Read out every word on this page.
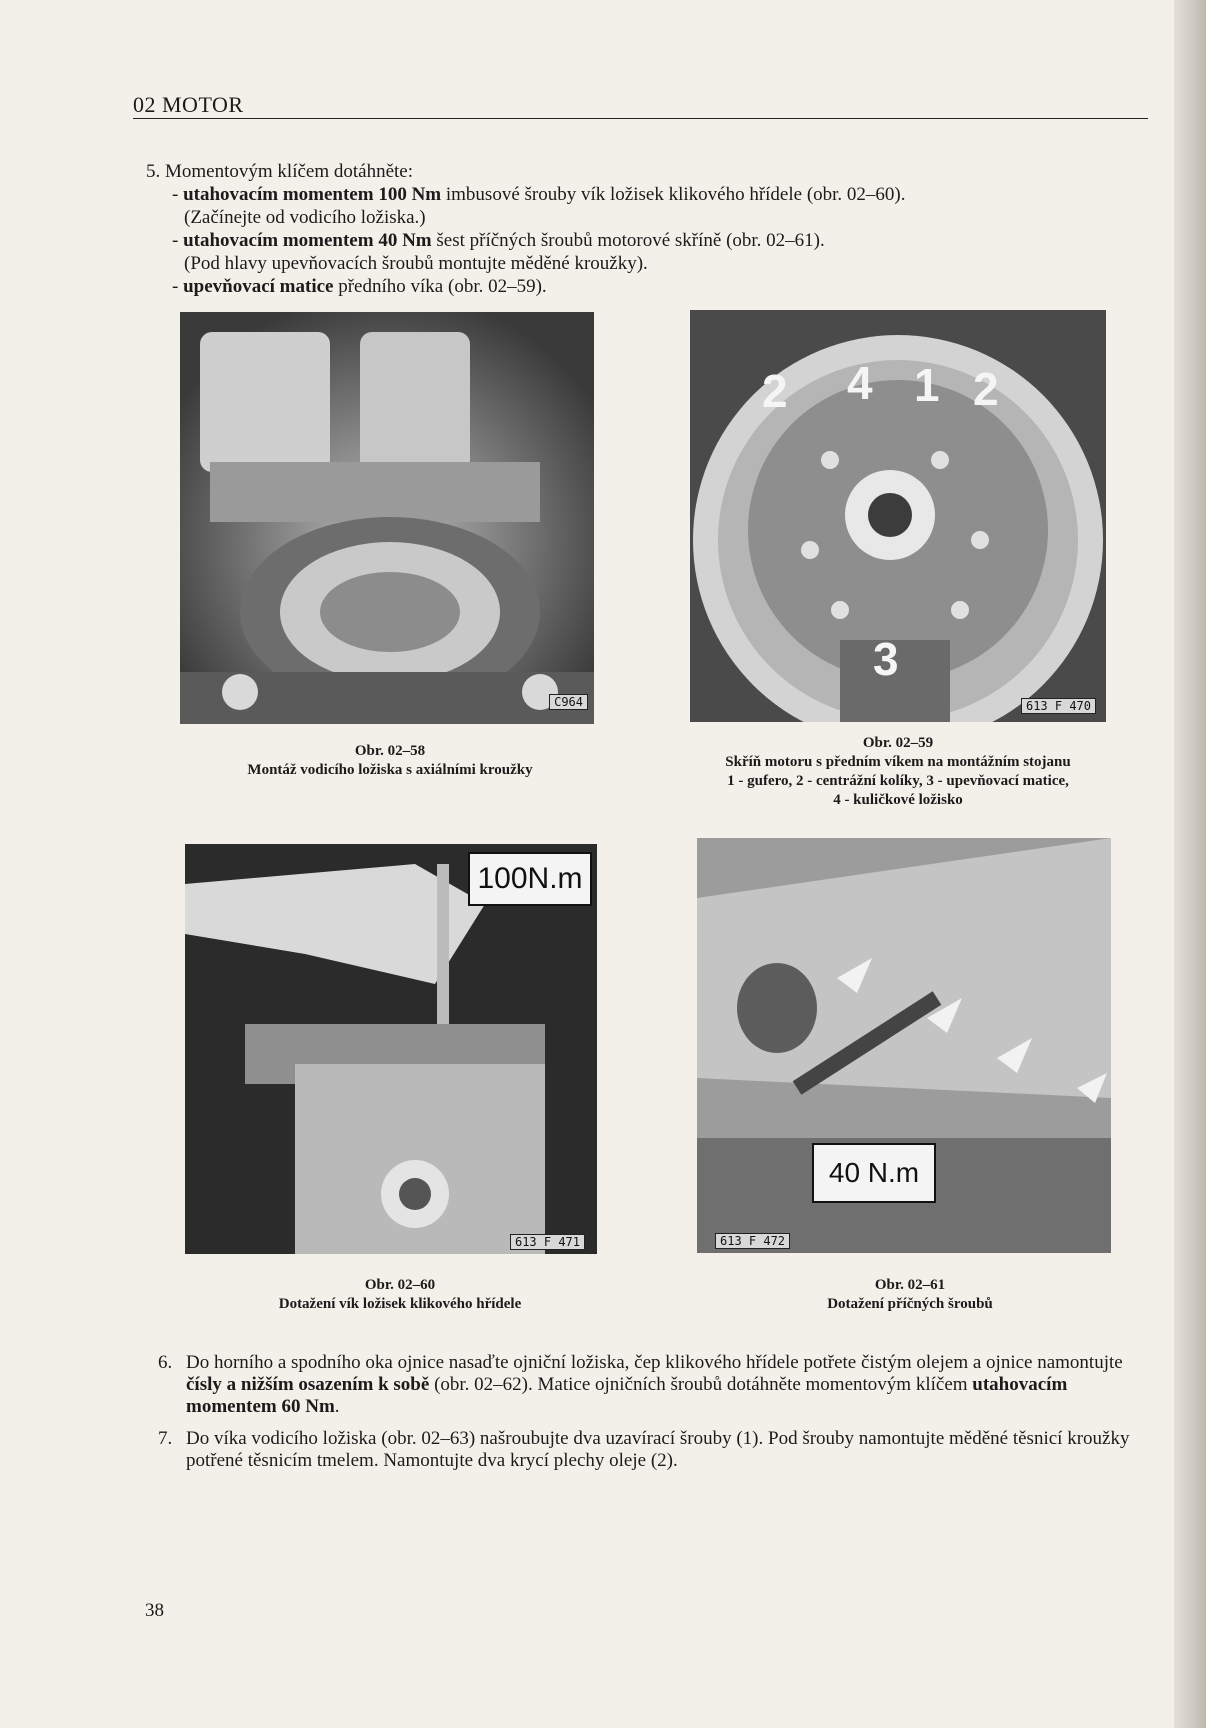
02 MOTOR
5. Momentovým klíčem dotáhněte:
- utahovacím momentem 100 Nm imbusové šrouby vík ložisek klikového hřídele (obr. 02–60).
(Začínejte od vodicího ložiska.)
- utahovacím momentem 40 Nm šest příčných šroubů motorové skříně (obr. 02–61).
(Pod hlavy upevňovacích šroubů montujte měděné kroužky).
- upevňovací matice předního víka (obr. 02–59).
C964
Obr. 02–58
Montáž vodicího ložiska s axiálními kroužky
2 4 1 2
3
613 F 470
Obr. 02–59
Skříň motoru s předním víkem na montážním stojanu
1 - gufero, 2 - centrážní kolíky, 3 - upevňovací matice,
4 - kuličkové ložisko
100N.m
613 F 471
Obr. 02–60
Dotažení vík ložisek klikového hřídele
40 N.m
613 F 472
Obr. 02–61
Dotažení příčných šroubů
6. Do horního a spodního oka ojnice nasaďte ojniční ložiska, čep klikového hřídele potřete čistým olejem a ojnice namontujte čísly a nižším osazením k sobě (obr. 02–62). Matice ojničních šroubů dotáhněte momentovým klíčem utahovacím momentem 60 Nm.
7. Do víka vodicího ložiska (obr. 02–63) našroubujte dva uzavírací šrouby (1). Pod šrouby namontujte měděné těsnicí kroužky potřené těsnicím tmelem. Namontujte dva krycí plechy oleje (2).
38
